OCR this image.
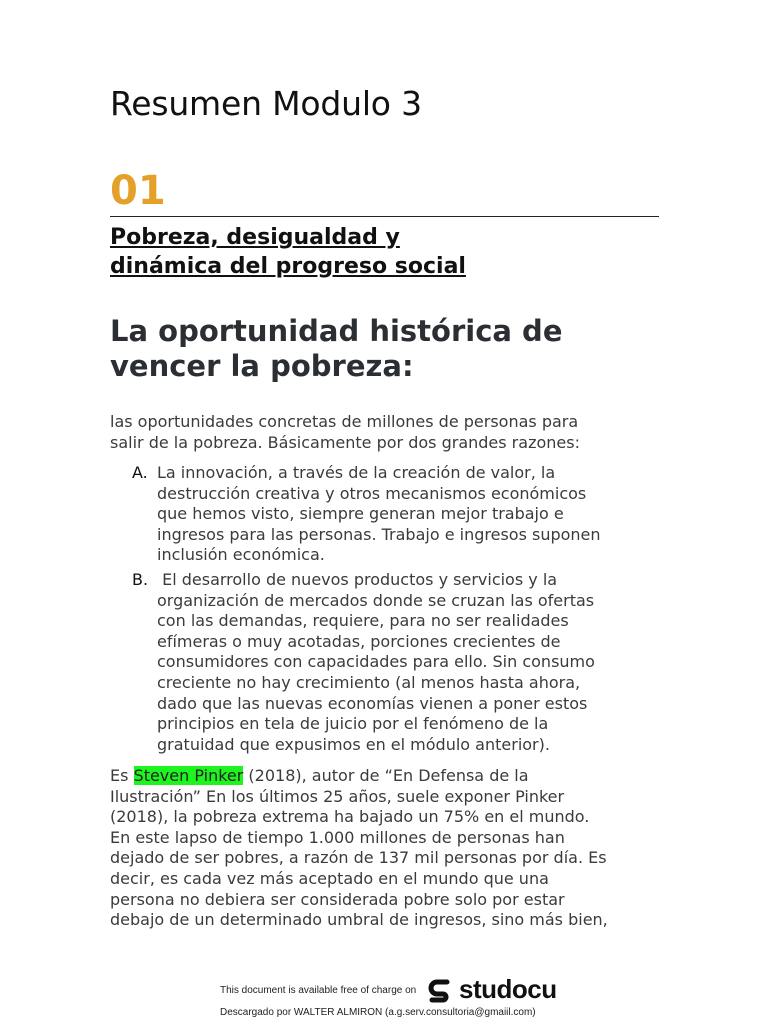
Resumen Modulo 3
01
Pobreza, desigualdad y
dinámica del progreso social
La oportunidad histórica de
vencer la pobreza:
las oportunidades concretas de millones de personas para
salir de la pobreza. Básicamente por dos grandes razones:
A. La innovación, a través de la creación de valor, la
destrucción creativa y otros mecanismos económicos
que hemos visto, siempre generan mejor trabajo e
ingresos para las personas. Trabajo e ingresos suponen
inclusión económica.
B. El desarrollo de nuevos productos y servicios y la
organización de mercados donde se cruzan las ofertas
con las demandas, requiere, para no ser realidades
efímeras o muy acotadas, porciones crecientes de
consumidores con capacidades para ello. Sin consumo
creciente no hay crecimiento (al menos hasta ahora,
dado que las nuevas economías vienen a poner estos
principios en tela de juicio por el fenómeno de la
gratuidad que expusimos en el módulo anterior).
Es Steven Pinker (2018), autor de “En Defensa de la
Ilustración” En los últimos 25 años, suele exponer Pinker
(2018), la pobreza extrema ha bajado un 75% en el mundo.
En este lapso de tiempo 1.000 millones de personas han
dejado de ser pobres, a razón de 137 mil personas por día. Es
decir, es cada vez más aceptado en el mundo que una
persona no debiera ser considerada pobre solo por estar
debajo de un determinado umbral de ingresos, sino más bien,
This document is available free of charge on studocu
Descargado por WALTER ALMIRON (a.g.serv.consultoria@gmaiil.com)
